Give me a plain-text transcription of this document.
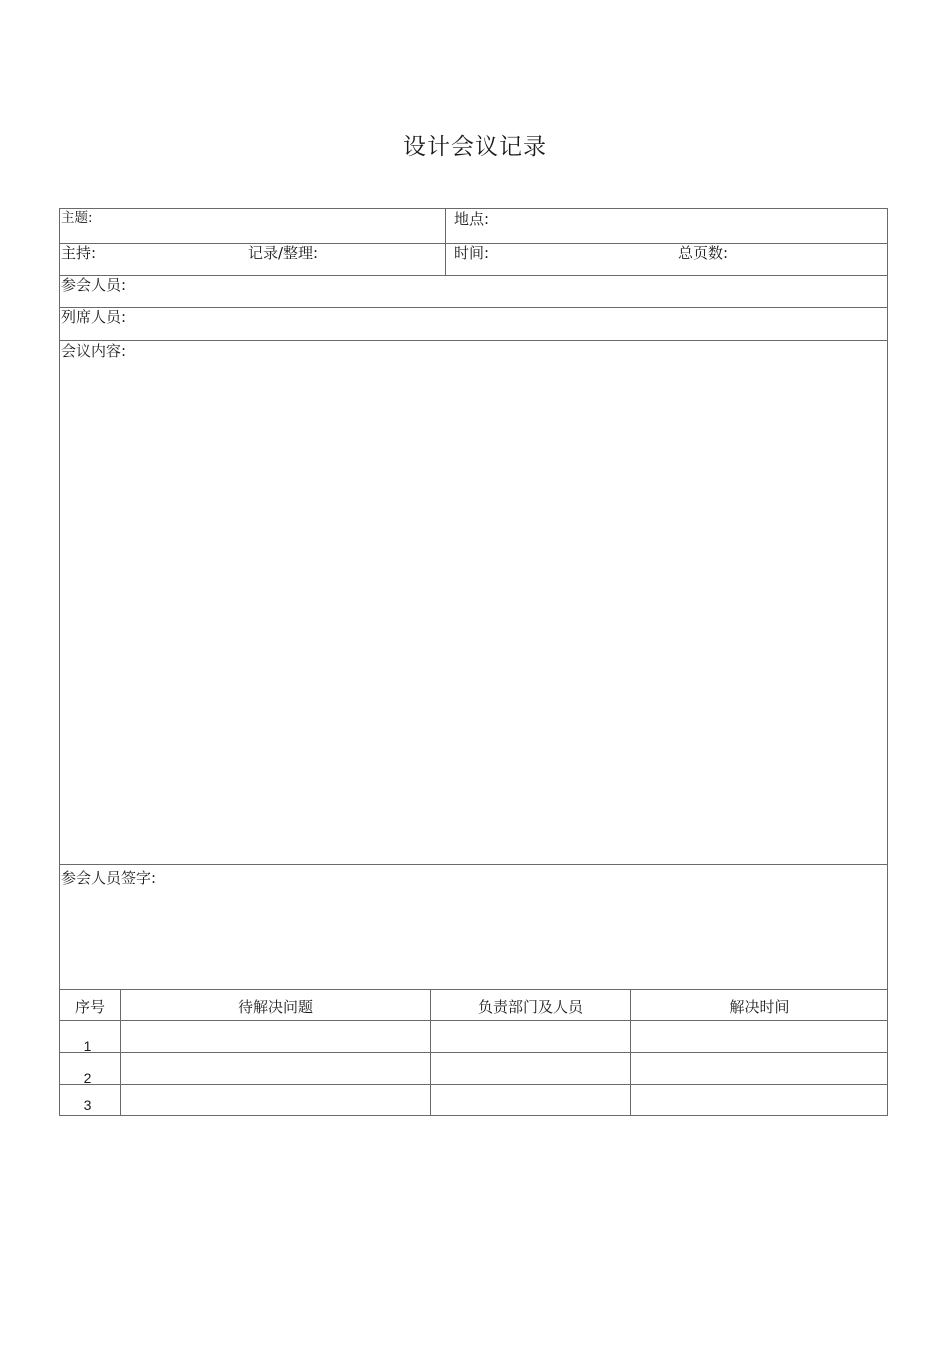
设计会议记录
主题:	地点:
主持:	记录/整理:	时间:	总页数:
参会人员:
列席人员:
会议内容:
参会人员签字:
序号	待解决问题	负责部门及人员	解决时间
1
2
3
